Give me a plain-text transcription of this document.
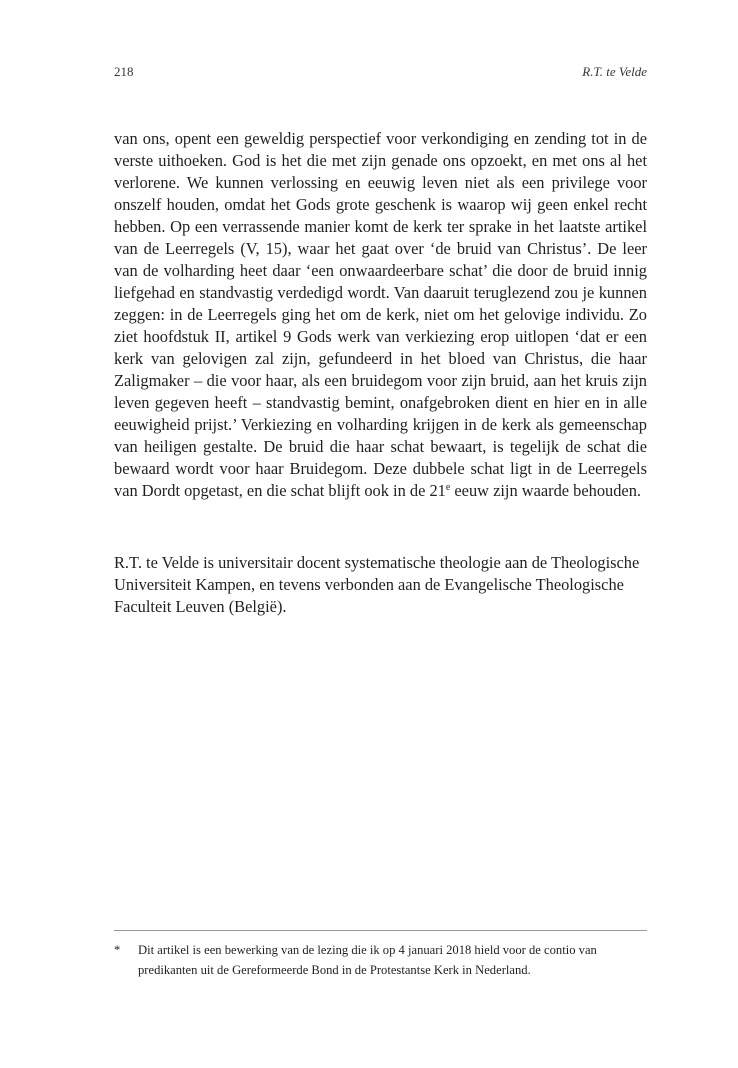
218	R.T. te Velde

van ons, opent een geweldig perspectief voor verkondiging en zending tot in de verste uithoeken. God is het die met zijn genade ons opzoekt, en met ons al het verlorene. We kunnen verlossing en eeuwig leven niet als een privilege voor onszelf houden, omdat het Gods grote geschenk is waarop wij geen enkel recht hebben. Op een verrassende manier komt de kerk ter sprake in het laatste artikel van de Leerregels (V, 15), waar het gaat over ‘de bruid van Christus’. De leer van de volharding heet daar ‘een onwaardeerbare schat’ die door de bruid innig liefgehad en standvastig verdedigd wordt. Van daaruit teruglezend zou je kunnen zeggen: in de Leerregels ging het om de kerk, niet om het gelovige individu. Zo ziet hoofdstuk II, artikel 9 Gods werk van verkiezing erop uitlopen ‘dat er een kerk van gelovigen zal zijn, gefundeerd in het bloed van Christus, die haar Zaligmaker – die voor haar, als een bruidegom voor zijn bruid, aan het kruis zijn leven gegeven heeft – standvastig bemint, onafgebroken dient en hier en in alle eeuwigheid prijst.’ Verkiezing en volharding krijgen in de kerk als gemeenschap van heiligen gestalte. De bruid die haar schat bewaart, is tegelijk de schat die bewaard wordt voor haar Bruidegom. Deze dubbele schat ligt in de Leerregels van Dordt opgetast, en die schat blijft ook in de 21e eeuw zijn waarde behouden.

R.T. te Velde is universitair docent systematische theologie aan de Theologische Universiteit Kampen, en tevens verbonden aan de Evangelische Theologische Faculteit Leuven (België).

*	Dit artikel is een bewerking van de lezing die ik op 4 januari 2018 hield voor de contio van predikanten uit de Gereformeerde Bond in de Protestantse Kerk in Nederland.
